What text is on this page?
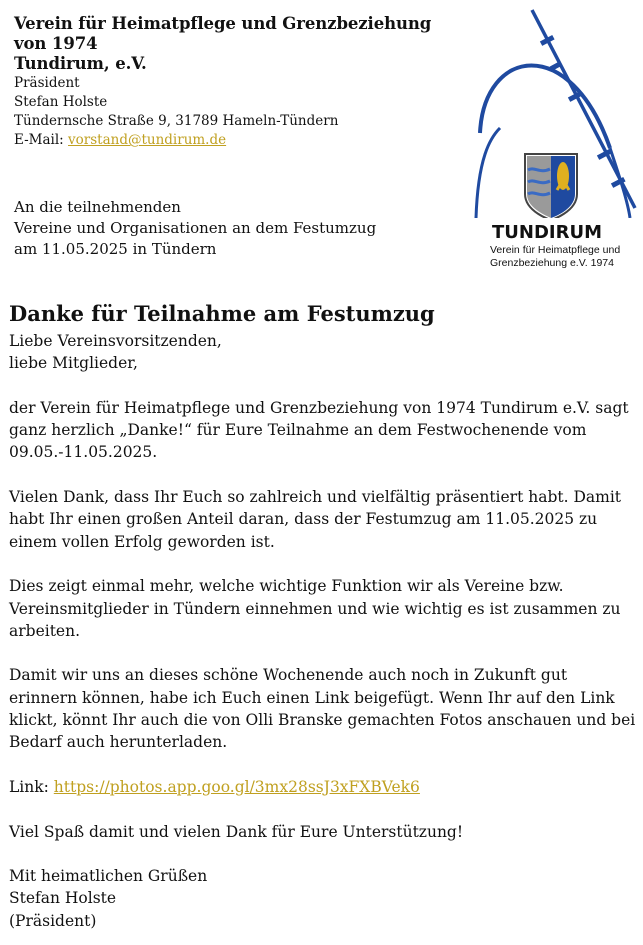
Verein für Heimatpflege und Grenzbeziehung
von 1974
Tundirum, e.V.
Präsident
Stefan Holste
Tündernsche Straße 9, 31789 Hameln-Tündern
E-Mail: vorstand@tundirum.de
An die teilnehmenden
Vereine und Organisationen an dem Festumzug
am 11.05.2025 in Tündern
TUNDIRUM
Verein für Heimatpflege und
Grenzbeziehung e.V. 1974
Danke für Teilnahme am Festumzug

Liebe Vereinsvorsitzenden,

liebe Mitglieder,

der Verein für Heimatpflege und Grenzbeziehung von 1974 Tundirum e.V. sagt ganz herzlich „Danke!“ für Eure Teilnahme an dem Festwochenende vom 09.05.-11.05.2025.

Vielen Dank, dass Ihr Euch so zahlreich und vielfältig präsentiert habt. Damit habt Ihr einen großen Anteil daran, dass der Festumzug am 11.05.2025 zu einem vollen Erfolg geworden ist.

Dies zeigt einmal mehr, welche wichtige Funktion wir als Vereine bzw. Vereinsmitglieder in Tündern einnehmen und wie wichtig es ist zusammen zu arbeiten.

Damit wir uns an dieses schöne Wochenende auch noch in Zukunft gut erinnern können, habe ich Euch einen Link beigefügt. Wenn Ihr auf den Link klickt, könnt Ihr auch die von Olli Branske gemachten Fotos anschauen und bei Bedarf auch herunterladen.

Link: https://photos.app.goo.gl/3mx28ssJ3xFXBVek6

Viel Spaß damit und vielen Dank für Eure Unterstützung!

Mit heimatlichen Grüßen

Stefan Holste

(Präsident)
